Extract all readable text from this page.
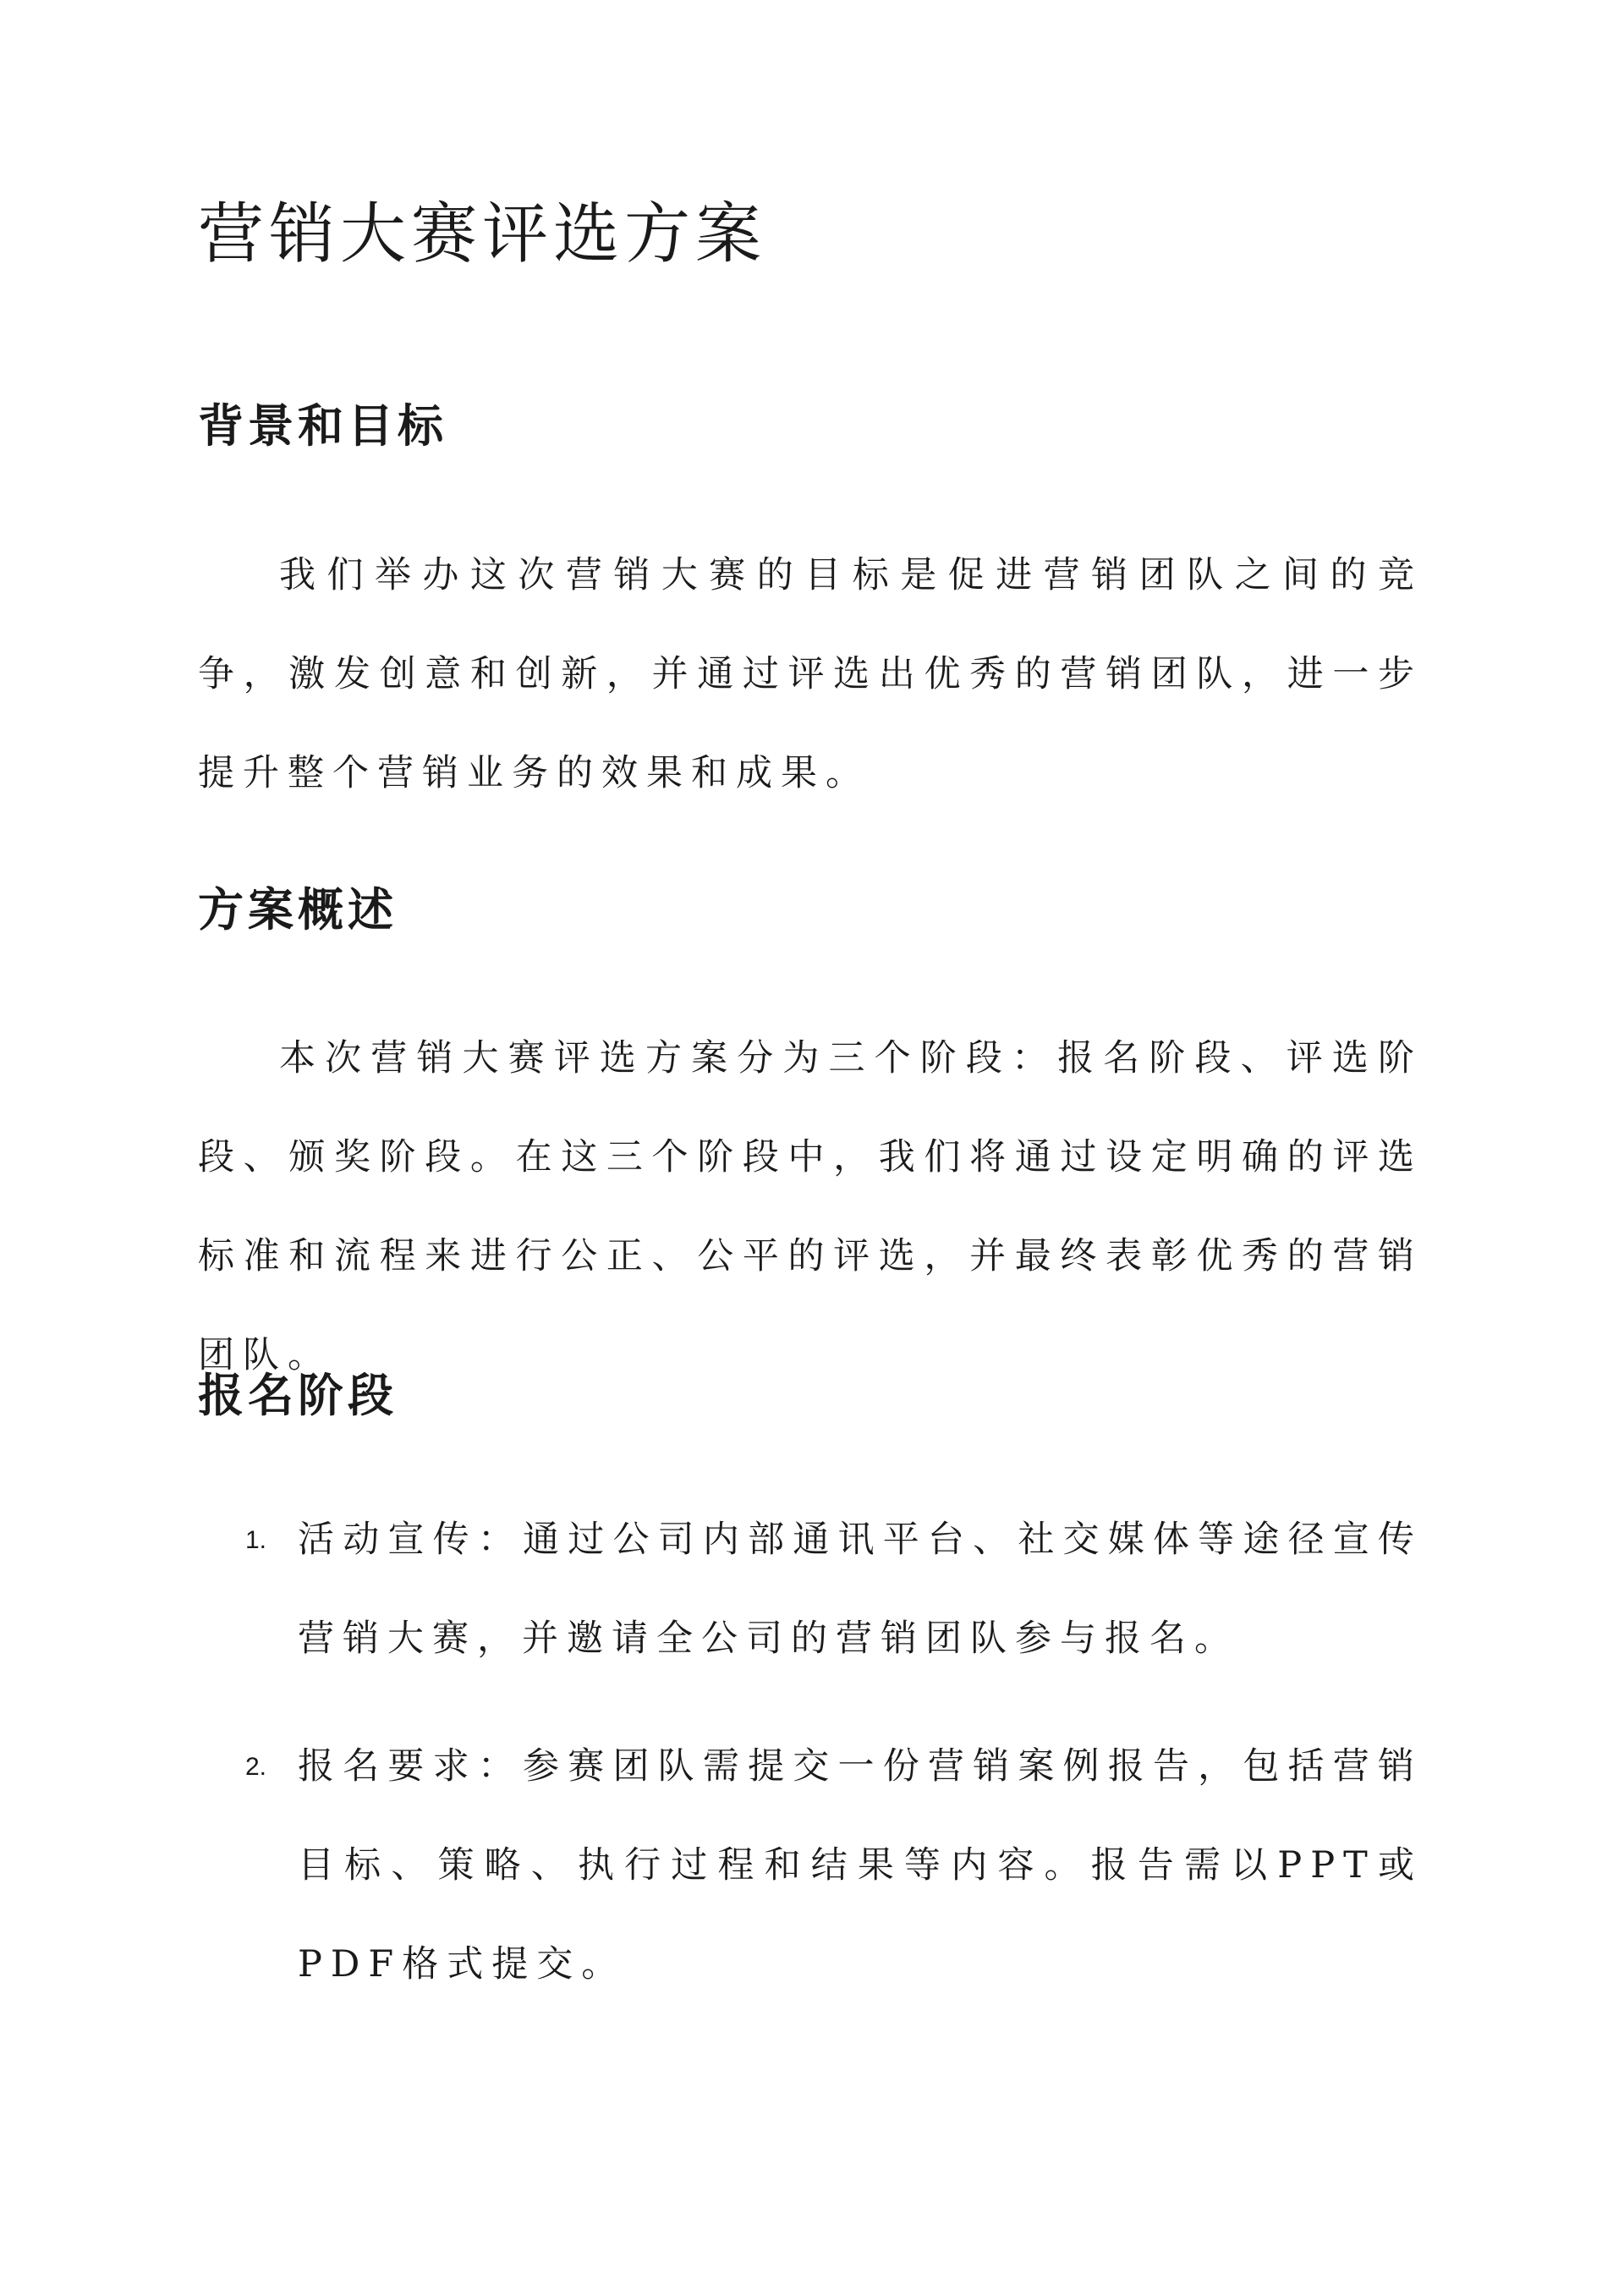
营销大赛评选方案
背景和目标

我们举办这次营销大赛的目标是促进营销团队之间的竞争，激发创意和创新，并通过评选出优秀的营销团队，进一步提升整个营销业务的效果和成果。

方案概述

本次营销大赛评选方案分为三个阶段：报名阶段、评选阶段、颁奖阶段。在这三个阶段中，我们将通过设定明确的评选标准和流程来进行公正、公平的评选，并最终表彰优秀的营销团队。

报名阶段
1. 活动宣传：通过公司内部通讯平台、社交媒体等途径宣传营销大赛，并邀请全公司的营销团队参与报名。
2. 报名要求：参赛团队需提交一份营销案例报告，包括营销目标、策略、执行过程和结果等内容。报告需以PPT或PDF格式提交。
